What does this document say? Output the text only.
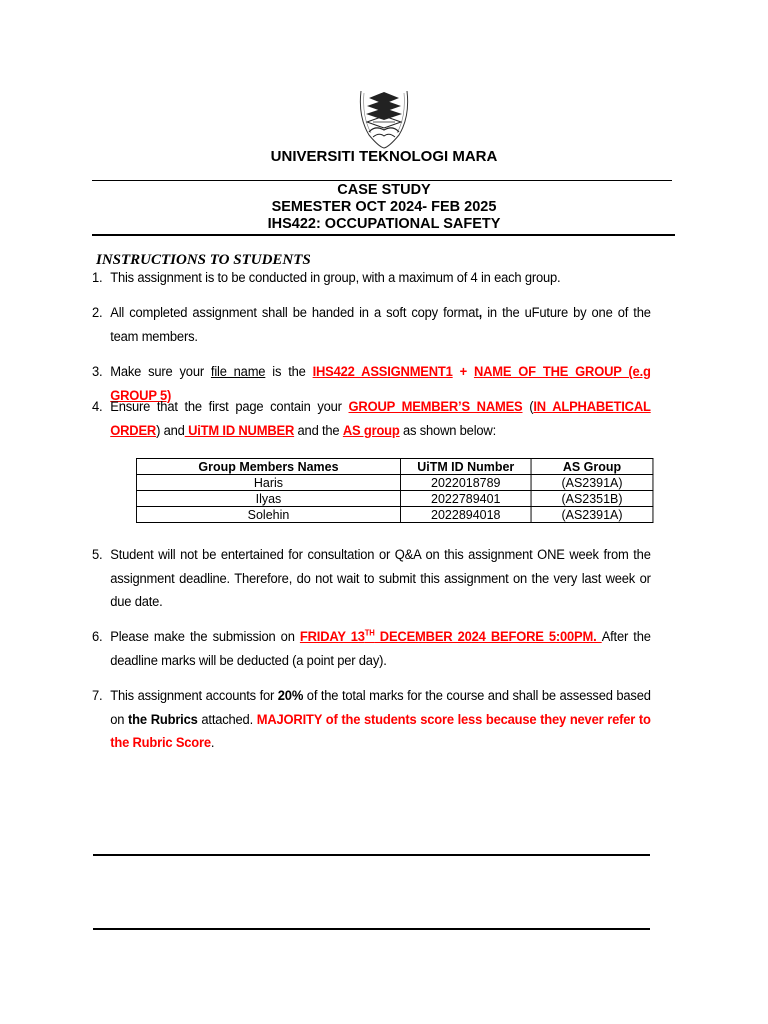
UNIVERSITI TEKNOLOGI MARA
CASE STUDY
SEMESTER OCT 2024- FEB 2025
IHS422: OCCUPATIONAL SAFETY
INSTRUCTIONS TO STUDENTS
1. This assignment is to be conducted in group, with a maximum of 4 in each group.
2. All completed assignment shall be handed in a soft copy format, in the uFuture by one of the team members.
3. Make sure your file name is the IHS422 ASSIGNMENT1 + NAME OF THE GROUP (e.g GROUP 5)
4. Ensure that the first page contain your GROUP MEMBER’S NAMES (IN ALPHABETICAL ORDER) and UiTM ID NUMBER and the AS group as shown below:
Group Members Names	UiTM ID Number	AS Group
Haris	2022018789	(AS2391A)
Ilyas	2022789401	(AS2351B)
Solehin	2022894018	(AS2391A)
5. Student will not be entertained for consultation or Q&A on this assignment ONE week from the assignment deadline. Therefore, do not wait to submit this assignment on the very last week or due date.
6. Please make the submission on FRIDAY 13TH DECEMBER 2024 BEFORE 5:00PM. After the deadline marks will be deducted (a point per day).
7. This assignment accounts for 20% of the total marks for the course and shall be assessed based on the Rubrics attached. MAJORITY of the students score less because they never refer to the Rubric Score.
